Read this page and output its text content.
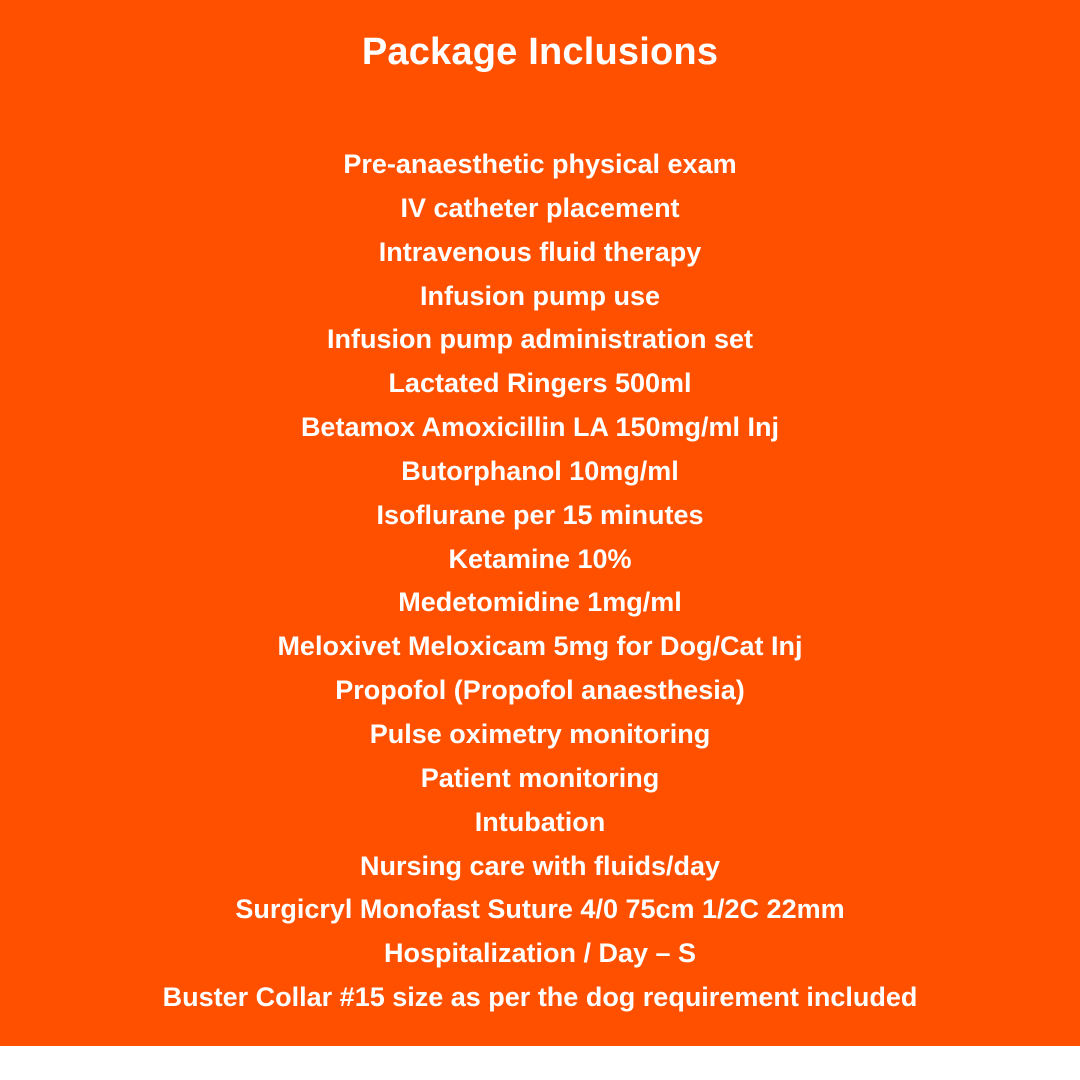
Package Inclusions
Pre-anaesthetic physical exam
IV catheter placement
Intravenous fluid therapy
Infusion pump use
Infusion pump administration set
Lactated Ringers 500ml
Betamox Amoxicillin LA 150mg/ml Inj
Butorphanol 10mg/ml
Isoflurane per 15 minutes
Ketamine 10%
Medetomidine 1mg/ml
Meloxivet Meloxicam 5mg for Dog/Cat Inj
Propofol (Propofol anaesthesia)
Pulse oximetry monitoring
Patient monitoring
Intubation
Nursing care with fluids/day
Surgicryl Monofast Suture 4/0 75cm 1/2C 22mm
Hospitalization / Day – S
Buster Collar #15 size as per the dog requirement included
